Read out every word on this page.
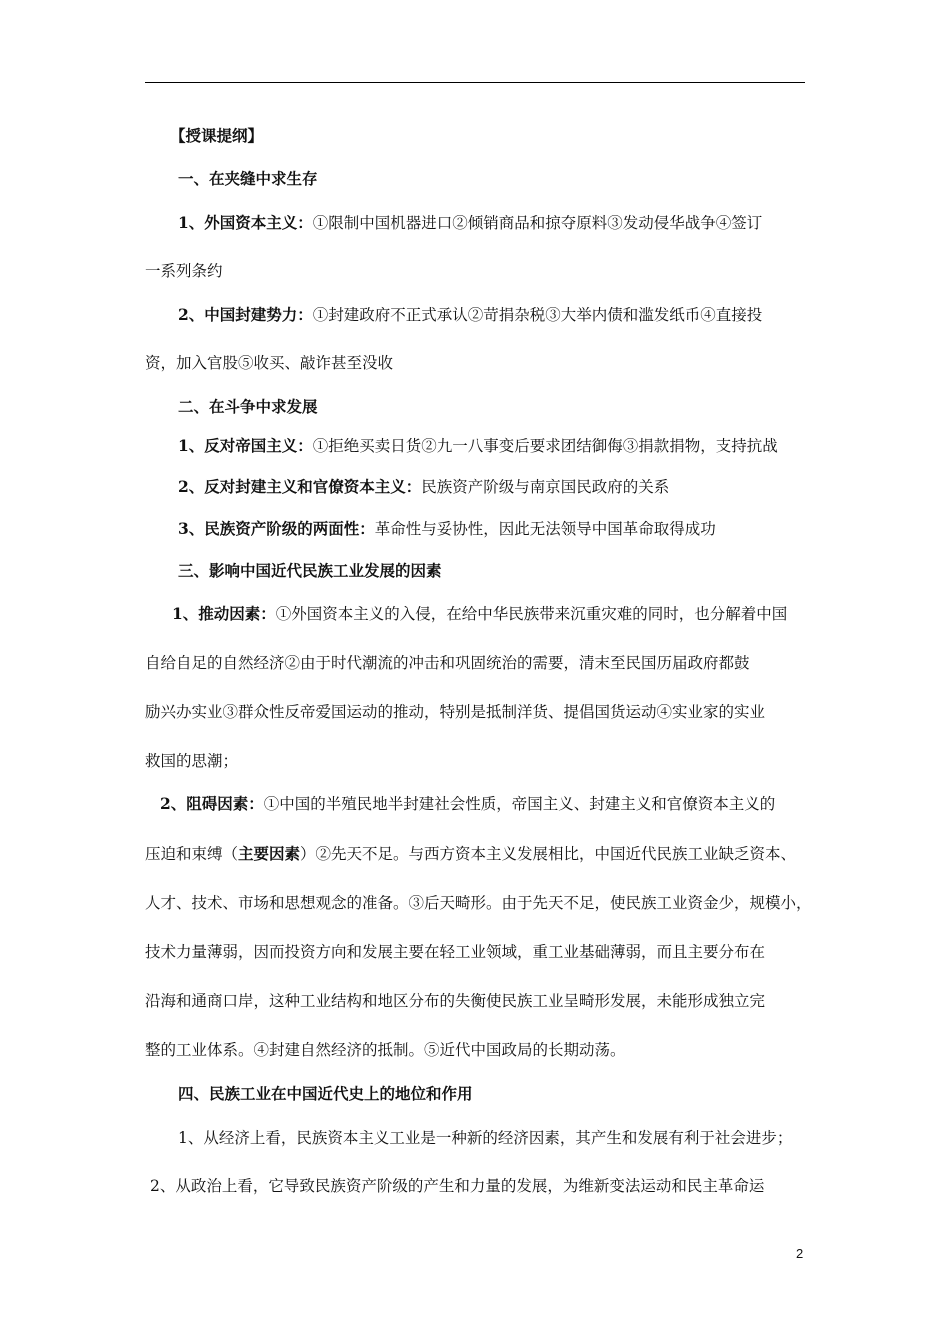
【授课提纲】
一、在夹缝中求生存
1、外国资本主义：①限制中国机器进口②倾销商品和掠夺原料③发动侵华战争④签订
一系列条约
2、中国封建势力：①封建政府不正式承认②苛捐杂税③大举内债和滥发纸币④直接投
资，加入官股⑤收买、敲诈甚至没收
二、在斗争中求发展
1、反对帝国主义：①拒绝买卖日货②九一八事变后要求团结御侮③捐款捐物，支持抗战
2、反对封建主义和官僚资本主义：民族资产阶级与南京国民政府的关系
3、民族资产阶级的两面性：革命性与妥协性，因此无法领导中国革命取得成功
三、影响中国近代民族工业发展的因素
1、推动因素：①外国资本主义的入侵，在给中华民族带来沉重灾难的同时，也分解着中国
自给自足的自然经济②由于时代潮流的冲击和巩固统治的需要，清末至民国历届政府都鼓
励兴办实业③群众性反帝爱国运动的推动，特别是抵制洋货、提倡国货运动④实业家的实业
救国的思潮；
2、阻碍因素：①中国的半殖民地半封建社会性质，帝国主义、封建主义和官僚资本主义的
压迫和束缚（主要因素）②先天不足。与西方资本主义发展相比，中国近代民族工业缺乏资本、
人才、技术、市场和思想观念的准备。③后天畸形。由于先天不足，使民族工业资金少，规模小，
技术力量薄弱，因而投资方向和发展主要在轻工业领域，重工业基础薄弱，而且主要分布在
沿海和通商口岸，这种工业结构和地区分布的失衡使民族工业呈畸形发展，未能形成独立完
整的工业体系。④封建自然经济的抵制。⑤近代中国政局的长期动荡。
四、民族工业在中国近代史上的地位和作用
1、从经济上看，民族资本主义工业是一种新的经济因素，其产生和发展有利于社会进步；
2、从政治上看，它导致民族资产阶级的产生和力量的发展，为维新变法运动和民主革命运
2
